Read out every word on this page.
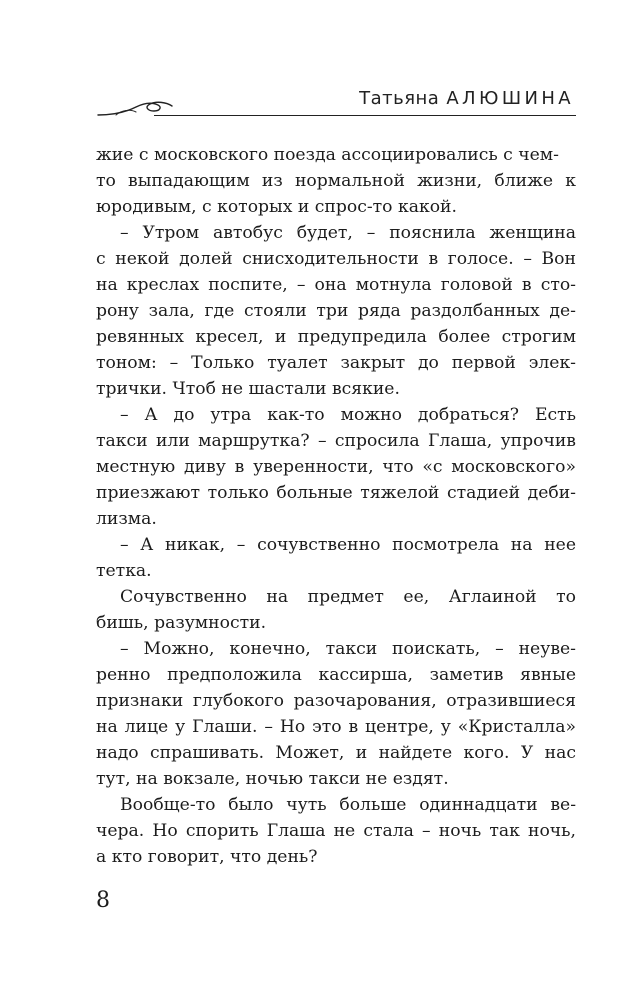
Татьяна АЛЮШИНА
жие с московского поезда ассоциировались с чем-
то выпадающим из нормальной жизни, ближе к
юродивым, с которых и спрос-то какой.
– Утром автобус будет, – пояснила женщина
с некой долей снисходительности в голосе. – Вон
на креслах поспите, – она мотнула головой в сто-
рону зала, где стояли три ряда раздолбанных де-
ревянных кресел, и предупредила более строгим
тоном: – Только туалет закрыт до первой элек-
трички. Чтоб не шастали всякие.
– А до утра как-то можно добраться? Есть
такси или маршрутка? – спросила Глаша, упрочив
местную диву в уверенности, что «с московского»
приезжают только больные тяжелой стадией деби-
лизма.
– А никак, – сочувственно посмотрела на нее
тетка.
Сочувственно на предмет ее, Аглаиной то
бишь, разумности.
– Можно, конечно, такси поискать, – неуве-
ренно предположила кассирша, заметив явные
признаки глубокого разочарования, отразившиеся
на лице у Глаши. – Но это в центре, у «Кристалла»
надо спрашивать. Может, и найдете кого. У нас
тут, на вокзале, ночью такси не ездят.
Вообще-то было чуть больше одиннадцати ве-
чера. Но спорить Глаша не стала – ночь так ночь,
а кто говорит, что день?
8
